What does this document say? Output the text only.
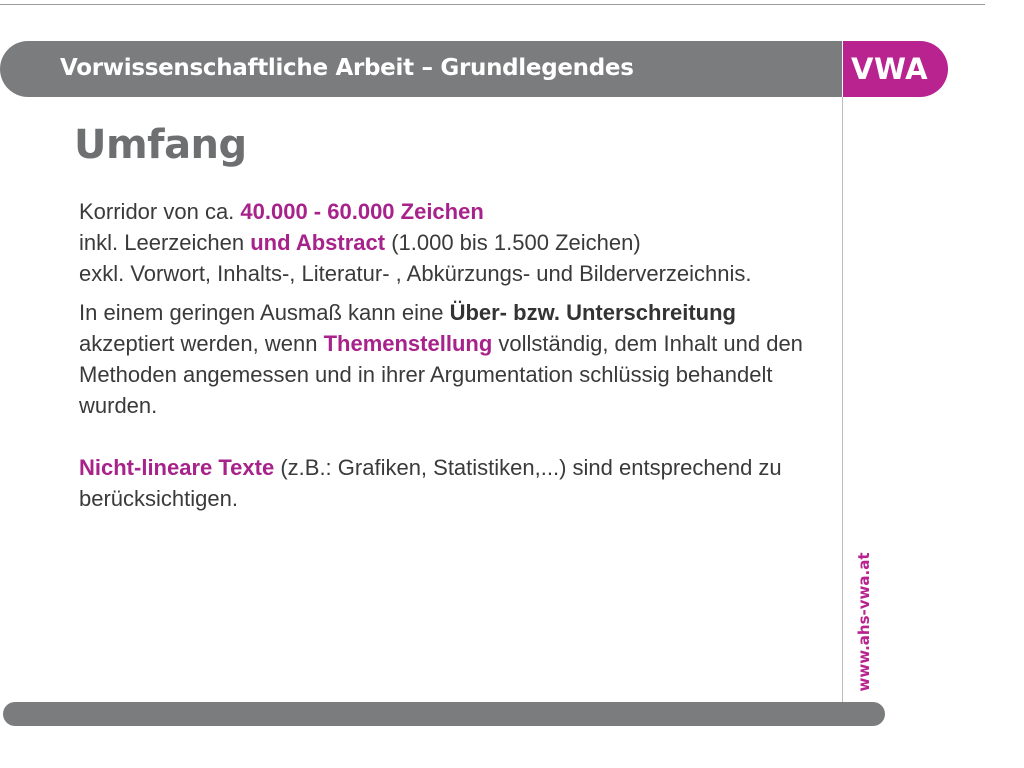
Vorwissenschaftliche Arbeit – Grundlegendes	VWA
www.ahs-vwa.at
Umfang

Korridor von ca. 40.000 - 60.000 Zeichen
inkl. Leerzeichen und Abstract (1.000 bis 1.500 Zeichen)
exkl. Vorwort, Inhalts-, Literatur- , Abkürzungs- und Bilderverzeichnis.

In einem geringen Ausmaß kann eine Über- bzw. Unterschreitung akzeptiert werden, wenn Themenstellung vollständig, dem Inhalt und den Methoden angemessen und in ihrer Argumentation schlüssig behandelt wurden.

Nicht-lineare Texte (z.B.: Grafiken, Statistiken,...) sind entsprechend zu berücksichtigen.
